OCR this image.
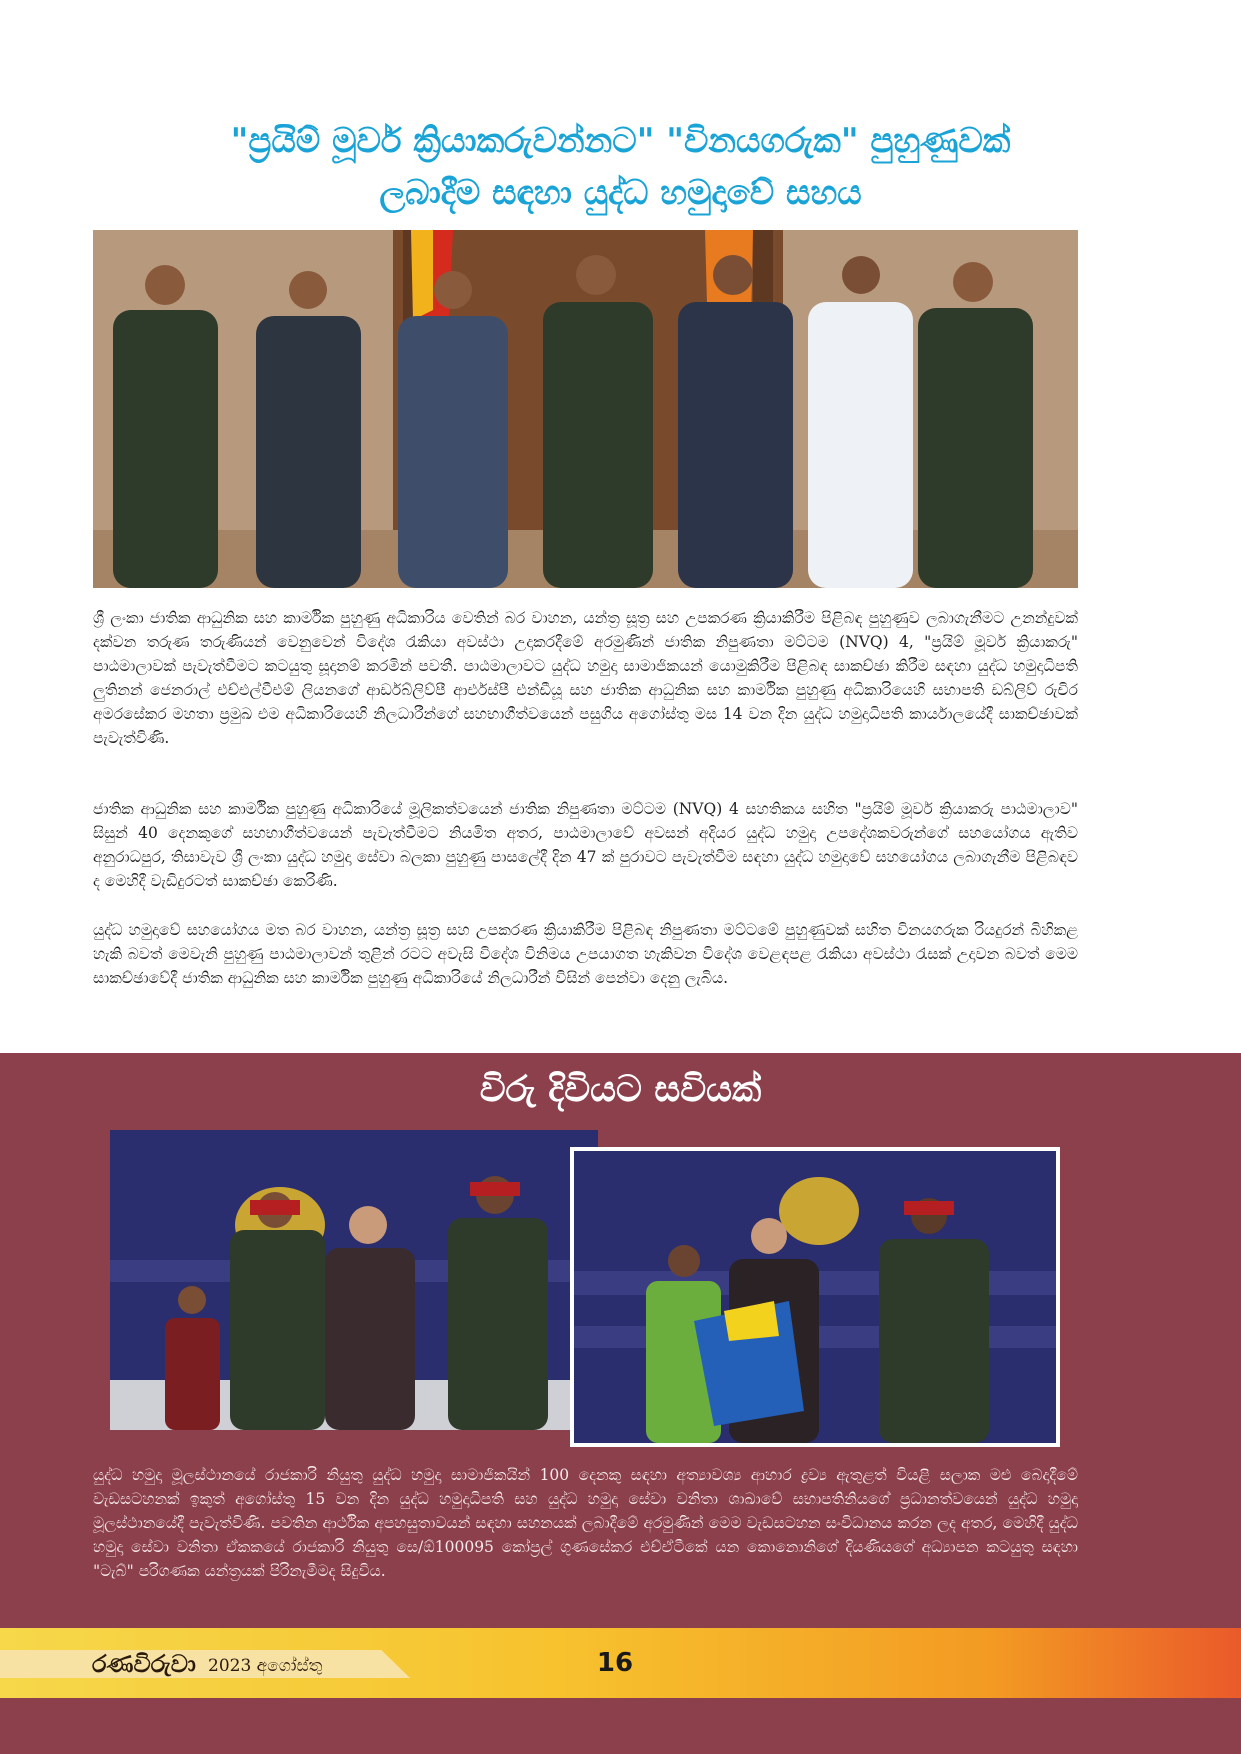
"ප්‍රයිම් මූවර් ක්‍රියාකරුවන්නට" "විනයගරුක" පුහුණුවක්
ලබාදීම සඳහා යුද්ධ හමුදාවේ සහය

ශ්‍රී ලංකා ජාතික ආධුනික සහ කාර්මික පුහුණු අධිකාරිය වෙතින් බර වාහන, යන්ත්‍ර සූත්‍ර සහ උපකරණ ක්‍රියාකිරීම පිළිබඳ පුහුණුව ලබාගැනීමට උනන්දුවක් දක්වන තරුණ තරුණියන් වෙනුවෙන් විදේශ රැකියා අවස්ථා උදාකරදීමේ අරමුණින් ජාතික නිපුණතා මට්ටම (NVQ) 4, "ප්‍රයිම් මූවර් ක්‍රියාකරු" පාඨමාලාවක් පැවැත්වීමට කටයුතු සූදානම් කරමින් පවතී. පාඨමාලාවට යුද්ධ හමුදා සාමාජිකයන් යොමුකිරීම පිළිබඳ සාකච්ඡා කිරීම සඳහා යුද්ධ හමුදාධිපති ලුතිනන් ජෙනරාල් එච්එල්වීඑම් ලියනගේ ආර්ඩබ්ලිව්පී ආර්එස්පී එන්ඩීයූ සහ ජාතික ආධුනික සහ කාර්මික පුහුණු අධිකාරියෙහි සභාපති ඩබ්ලිව් රුචිර අමරසේකර මහතා ප්‍රමුඛ එම අධිකාරියෙහි නිලධාරීන්ගේ සහභාගීත්වයෙන් පසුගිය අගෝස්තු මස 14 වන දින යුද්ධ හමුදාධිපති කාර්යාලයේදී සාකච්ඡාවක් පැවැත්විණි.

ජාතික ආධුනික සහ කාර්මික පුහුණු අධිකාරියේ මූලිකත්වයෙන් ජාතික නිපුණතා මට්ටම (NVQ) 4 සහතිකය සහිත "ප්‍රයිම් මූවර් ක්‍රියාකරු පාඨමාලාව" සිසුන් 40 දෙනකුගේ සහභාගීත්වයෙන් පැවැත්වීමට නියමිත අතර, පාඨමාලාවේ අවසන් අදියර යුද්ධ හමුදා උපදේශකවරුන්ගේ සහයෝගය ඇතිව අනුරාධපුර, තිසාවැව ශ්‍රී ලංකා යුද්ධ හමුදා සේවා බලකා පුහුණු පාසලේදී දින 47 ක් පුරාවට පැවැත්වීම සඳහා යුද්ධ හමුදාවේ සහයෝගය ලබාගැනීම පිළිබඳව ද මෙහිදී වැඩිදුරටත් සාකච්ඡා කෙරිණි.

යුද්ධ හමුදාවේ සහයෝගය මත බර වාහන, යන්ත්‍ර සූත්‍ර සහ උපකරණ ක්‍රියාකිරීම පිළිබඳ නිපුණතා මට්ටමේ පුහුණුවක් සහිත විනයගරුක රියදුරන් බිහිකළ හැකි බවත් මෙවැනි පුහුණු පාඨමාලාවන් තුළින් රටට අවැසි විදේශ විනිමය උපයාගත හැකිවන විදේශ වෙළඳපළ රැකියා අවස්ථා රැසක් උදාවන බවත් මෙම සාකච්ඡාවේදී ජාතික ආධුනික සහ කාර්මික පුහුණු අධිකාරියේ නිලධාරීන් විසින් පෙන්වා දෙනු ලැබිය.

විරු දිවියට සවියක්

යුද්ධ හමුදා මූලස්ථානයේ රාජකාරි නියුතු යුද්ධ හමුදා සාමාජිකයින් 100 දෙනකු සඳහා අත්‍යාවශ්‍ය ආහාර ද්‍රව්‍ය ඇතුළත් වියළි සලාක මළු බෙදාදීමේ වැඩසටහනක් ඉකුත් අගෝස්තු 15 වන දින යුද්ධ හමුදාධිපති සහ යුද්ධ හමුදා සේවා වනිතා ශාඛාවේ සභාපතිනියගේ ප්‍රධානත්වයෙන් යුද්ධ හමුදා මූලස්ථානයේදී පැවැත්විණි. පවතින ආර්ථික අපහසුතාවයන් සඳහා සහනයක් ලබාදීමේ අරමුණින් මෙම වැඩසටහන සංවිධානය කරන ලද අතර, මෙහිදී යුද්ධ හමුදා සේවා වනිතා ඒකකයේ රාජකාරි නියුතු සෙ/ඕ100095 කෝප්‍රල් ගුණසේකර එච්ඒටීකේ යන කොනොනිගේ දියණියගේ අධ්‍යාපන කටයුතු සඳහා "ටැබ්" පරිගණක යන්ත්‍රයක් පිරිනැමීමද සිදුවිය.

රණවිරුවා 2023 අගෝස්තු	16
